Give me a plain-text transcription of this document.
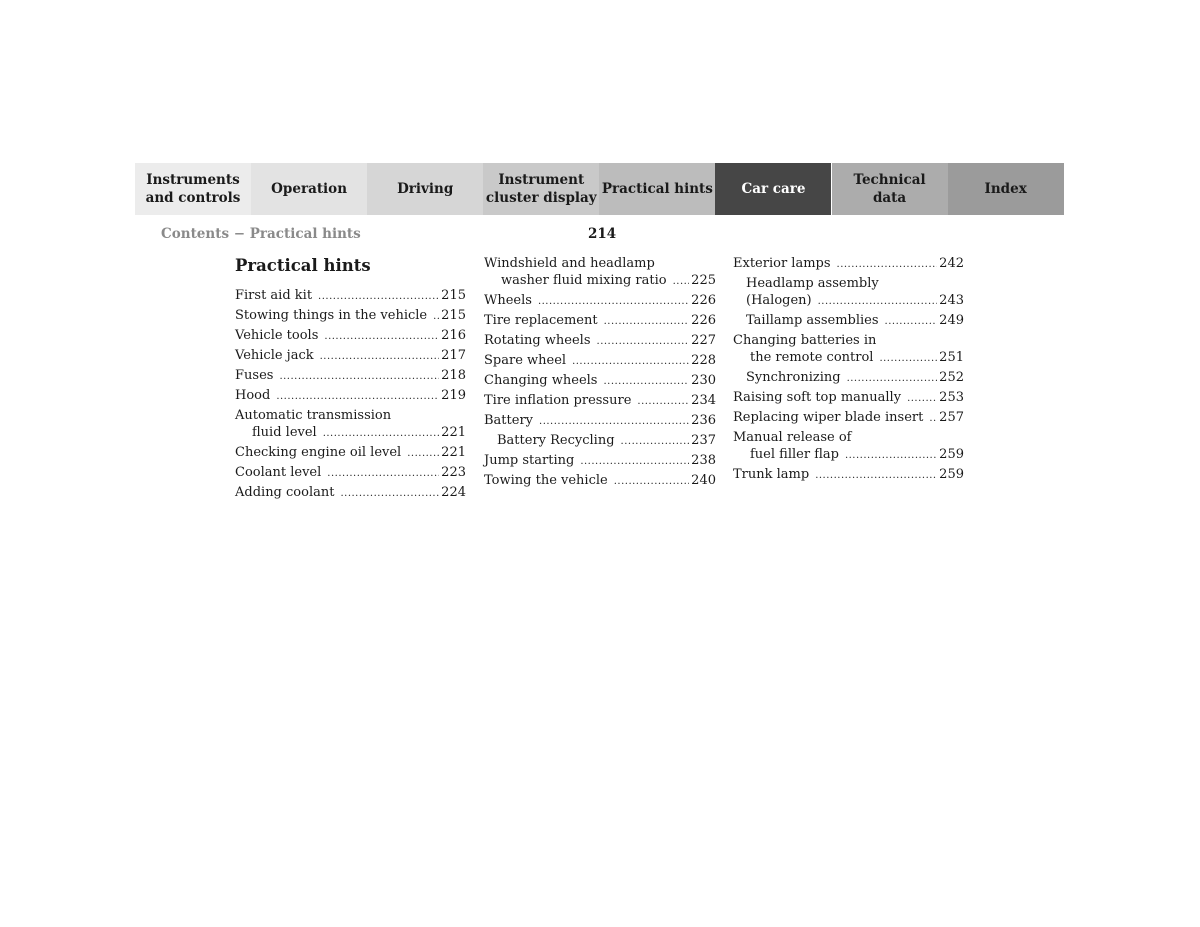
Instruments
and controls
Operation	Driving
Instrument
cluster display
Practical hints	Car care
Technical
data
Index
Contents − Practical hints	214
Practical hints
First aid kit .....	215
Stowing things in the vehicle ..... 215
Vehicle tools .....	216
Vehicle jack .....	217
Fuses .....	218
Hood .....	219
Automatic transmission
fluid level .....	221
Checking engine oil level .....	221
Coolant level .....	223
Adding coolant .....	224
Windshield and headlamp
washer fluid mixing ratio ..... 225
Wheels .....	226
Tire replacement .....	226
Rotating wheels .....	227
Spare wheel .....	228
Changing wheels .....	230
Tire inflation pressure .....	234
Battery .....	236
Battery Recycling .....	237
Jump starting .....	238
Towing the vehicle .....	240
Exterior lamps .....	242
Headlamp assembly
(Halogen) .....	243
Taillamp assemblies .....	249
Changing batteries in
the remote control .....	251
Synchronizing .....	252
Raising soft top manually .....	253
Replacing wiper blade insert ..... 257
Manual release of
fuel filler flap .....	259
Trunk lamp .....	259
